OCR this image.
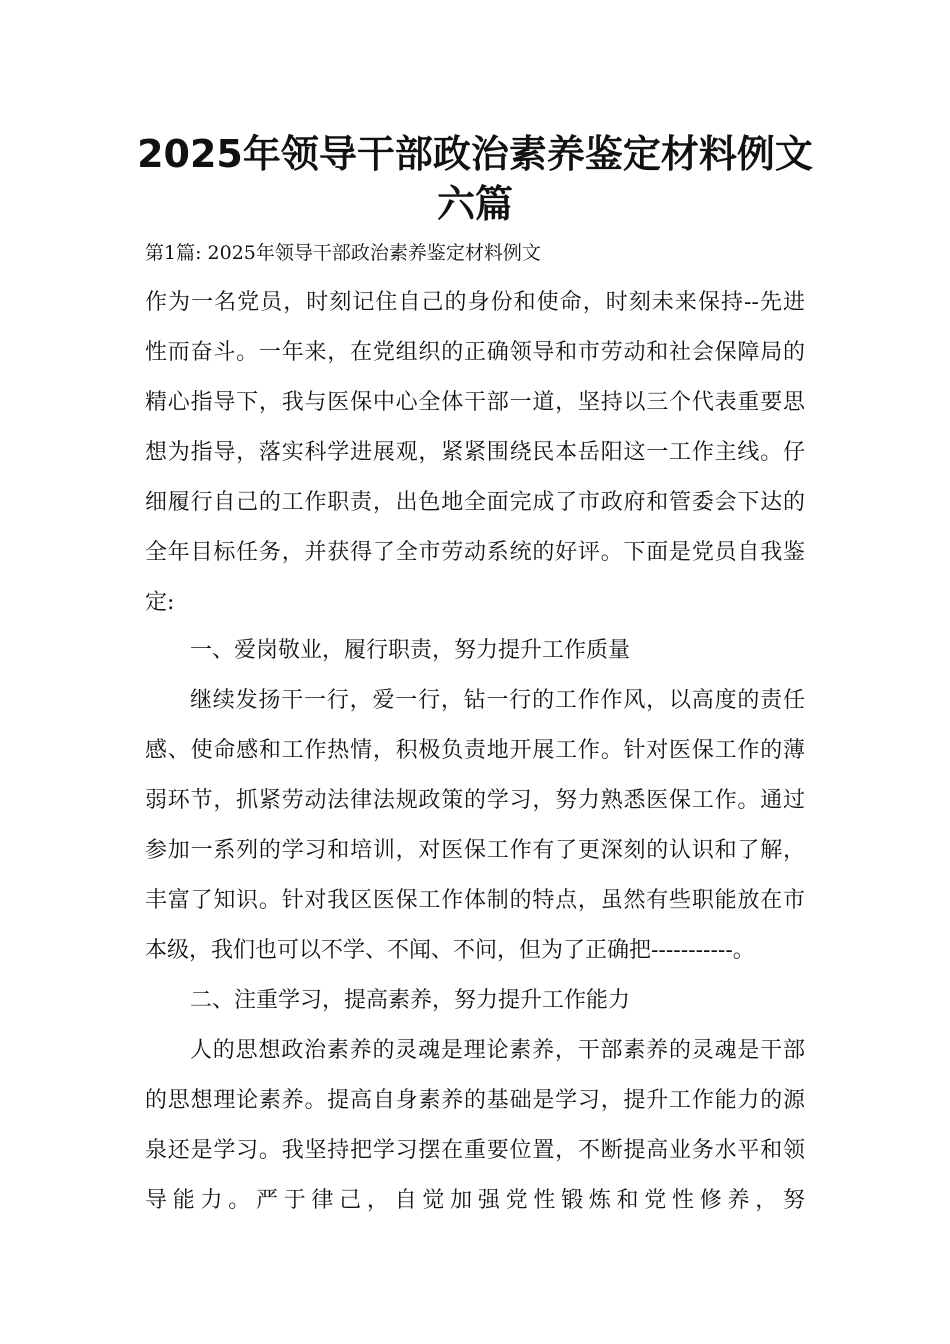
2025年领导干部政治素养鉴定材料例文
六篇

第1篇: 2025年领导干部政治素养鉴定材料例文

作为一名党员，时刻记住自己的身份和使命，时刻未来保持--先进

性而奋斗。一年来，在党组织的正确领导和市劳动和社会保障局的

精心指导下，我与医保中心全体干部一道，坚持以三个代表重要思

想为指导，落实科学进展观，紧紧围绕民本岳阳这一工作主线。仔

细履行自己的工作职责，出色地全面完成了市政府和管委会下达的

全年目标任务，并获得了全市劳动系统的好评。下面是党员自我鉴

定:

一、爱岗敬业，履行职责，努力提升工作质量

继续发扬干一行，爱一行，钻一行的工作作风，以高度的责任

感、使命感和工作热情，积极负责地开展工作。针对医保工作的薄

弱环节，抓紧劳动法律法规政策的学习，努力熟悉医保工作。通过

参加一系列的学习和培训，对医保工作有了更深刻的认识和了解，

丰富了知识。针对我区医保工作体制的特点，虽然有些职能放在市

本级，我们也可以不学、不闻、不问，但为了正确把-----------。

二、注重学习，提高素养，努力提升工作能力

人的思想政治素养的灵魂是理论素养，干部素养的灵魂是干部

的思想理论素养。提高自身素养的基础是学习，提升工作能力的源

泉还是学习。我坚持把学习摆在重要位置，不断提高业务水平和领

导能力。严于律己，自觉加强党性锻炼和党性修养，努
